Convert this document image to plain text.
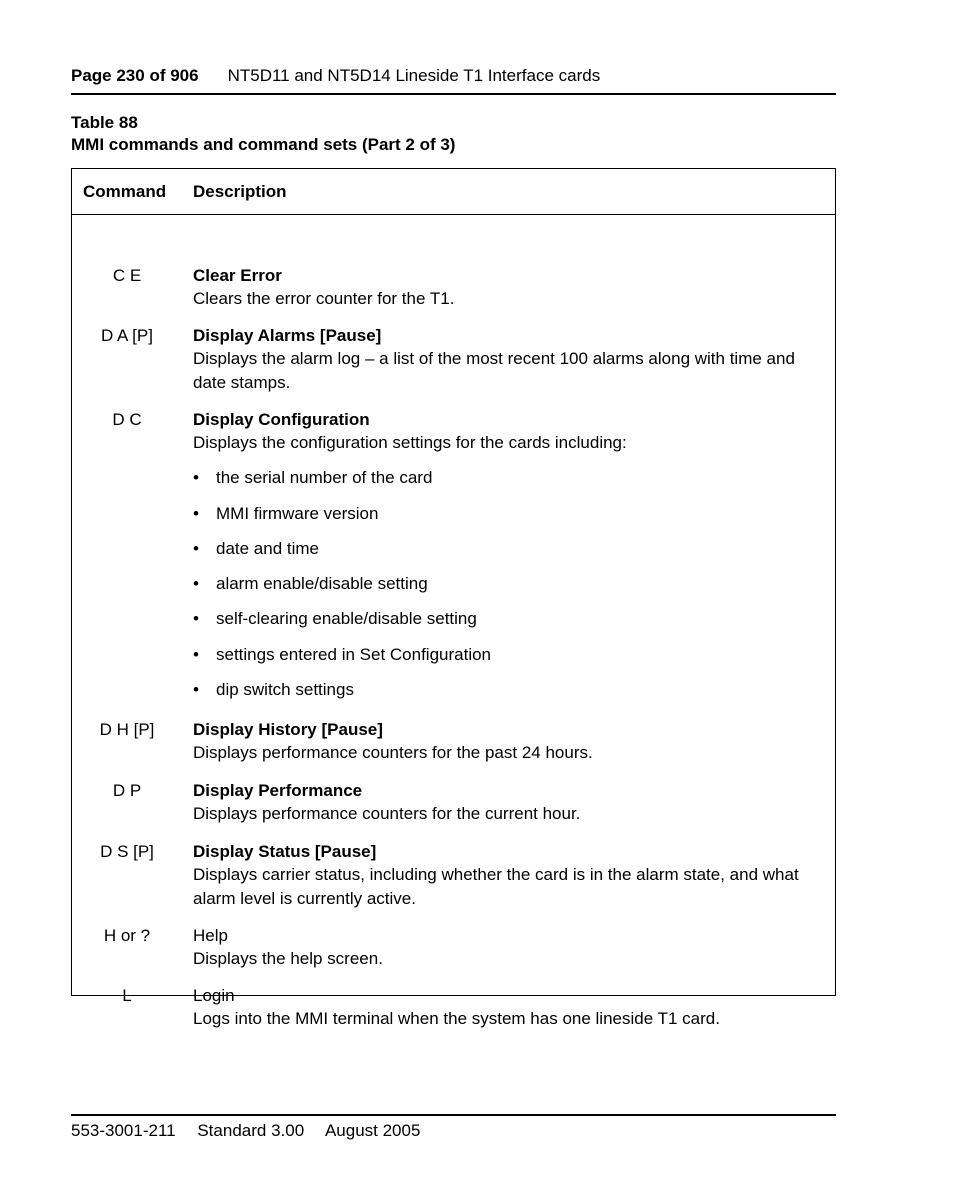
Page 230 of 906 NT5D11 and NT5D14 Lineside T1 Interface cards
Table 88
MMI commands and command sets (Part 2 of 3)
Command	Description
C E	Clear Error
Clears the error counter for the T1.
D A [P]	Display Alarms [Pause]
Displays the alarm log – a list of the most recent 100 alarms along with time and date stamps.
D C	Display Configuration
Displays the configuration settings for the cards including:
• the serial number of the card
• MMI firmware version
• date and time
• alarm enable/disable setting
• self-clearing enable/disable setting
• settings entered in Set Configuration
• dip switch settings
D H [P]	Display History [Pause]
Displays performance counters for the past 24 hours.
D P	Display Performance
Displays performance counters for the current hour.
D S [P]	Display Status [Pause]
Displays carrier status, including whether the card is in the alarm state, and what alarm level is currently active.
H or ?	Help
Displays the help screen.
L	Login
Logs into the MMI terminal when the system has one lineside T1 card.
553-3001-211 Standard 3.00 August 2005
